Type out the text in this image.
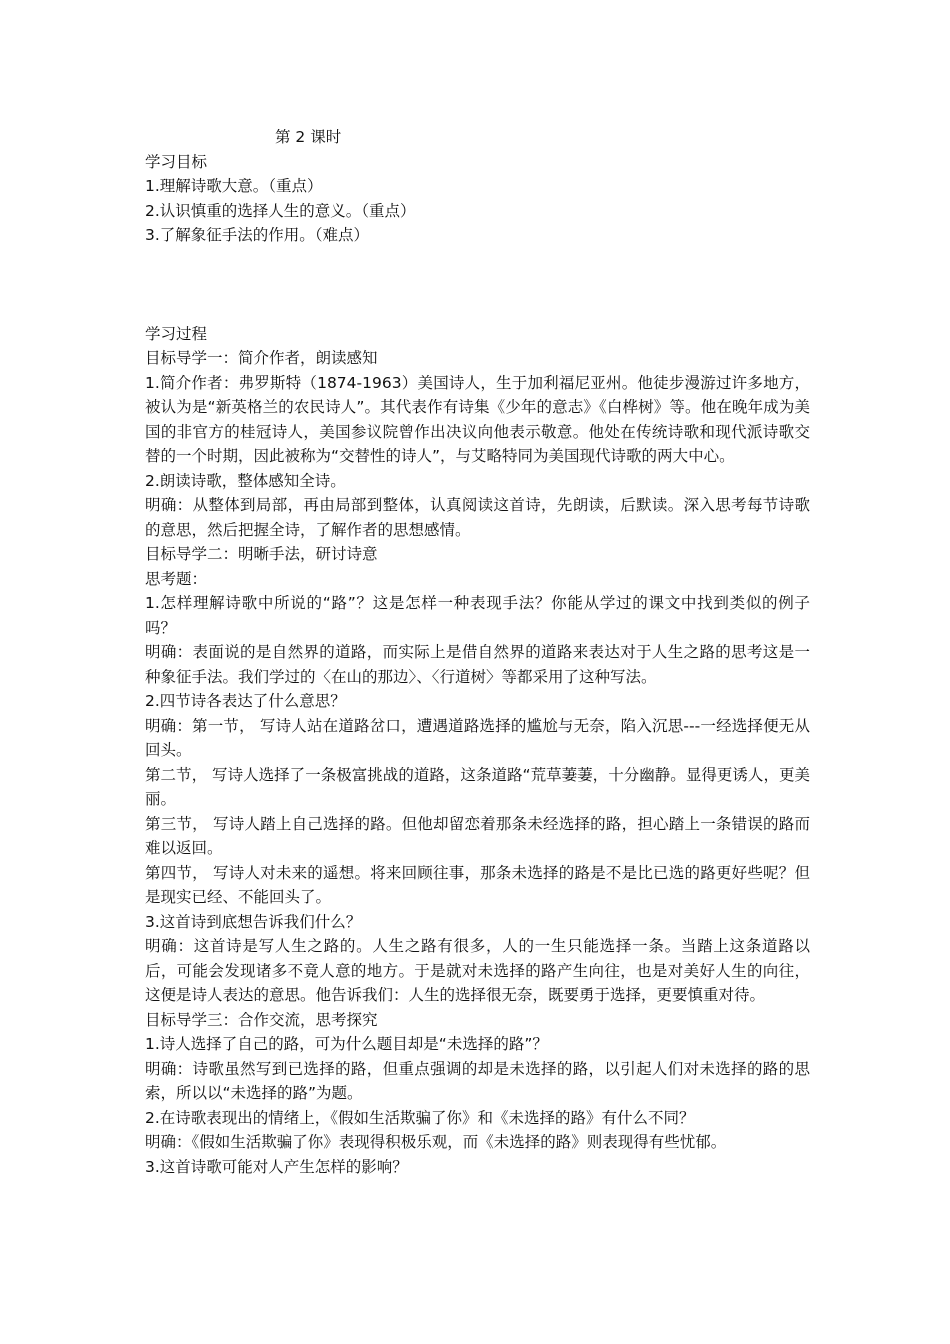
第 2 课时
学习目标
1.理解诗歌大意。（重点）
2.认识慎重的选择人生的意义。（重点）
3.了解象征手法的作用。（难点）
学习过程
目标导学一：简介作者，朗读感知
1.简介作者：弗罗斯特（1874-1963）美国诗人，生于加利福尼亚州。他徒步漫游过许多地方，被认为是“新英格兰的农民诗人”。其代表作有诗集《少年的意志》《白桦树》等。他在晚年成为美国的非官方的桂冠诗人，美国参议院曾作出决议向他表示敬意。他处在传统诗歌和现代派诗歌交替的一个时期，因此被称为“交替性的诗人”，与艾略特同为美国现代诗歌的两大中心。
2.朗读诗歌，整体感知全诗。
明确：从整体到局部，再由局部到整体，认真阅读这首诗，先朗读，后默读。深入思考每节诗歌的意思，然后把握全诗，了解作者的思想感情。
目标导学二：明晰手法，研讨诗意
思考题：
1.怎样理解诗歌中所说的“路”？这是怎样一种表现手法？你能从学过的课文中找到类似的例子吗？
明确：表面说的是自然界的道路，而实际上是借自然界的道路来表达对于人生之路的思考这是一种象征手法。我们学过的〈在山的那边〉、〈行道树〉等都采用了这种写法。
2.四节诗各表达了什么意思？
明确：第一节， 写诗人站在道路岔口，遭遇道路选择的尴尬与无奈，陷入沉思---一经选择便无从回头。
第二节， 写诗人选择了一条极富挑战的道路，这条道路“荒草萋萋，十分幽静。显得更诱人，更美丽。
第三节， 写诗人踏上自己选择的路。但他却留恋着那条未经选择的路，担心踏上一条错误的路而难以返回。
第四节， 写诗人对未来的遥想。将来回顾往事，那条未选择的路是不是比已选的路更好些呢？但是现实已经、不能回头了。
3.这首诗到底想告诉我们什么？
明确：这首诗是写人生之路的。人生之路有很多，人的一生只能选择一条。当踏上这条道路以后，可能会发现诸多不竟人意的地方。于是就对未选择的路产生向往，也是对美好人生的向往，这便是诗人表达的意思。他告诉我们：人生的选择很无奈，既要勇于选择，更要慎重对待。
目标导学三：合作交流，思考探究
1.诗人选择了自己的路，可为什么题目却是“未选择的路”？
明确：诗歌虽然写到已选择的路，但重点强调的却是未选择的路，以引起人们对未选择的路的思索，所以以“未选择的路”为题。
2.在诗歌表现出的情绪上，《假如生活欺骗了你》和《未选择的路》有什么不同？
明确：《假如生活欺骗了你》表现得积极乐观，而《未选择的路》则表现得有些忧郁。
3.这首诗歌可能对人产生怎样的影响？
